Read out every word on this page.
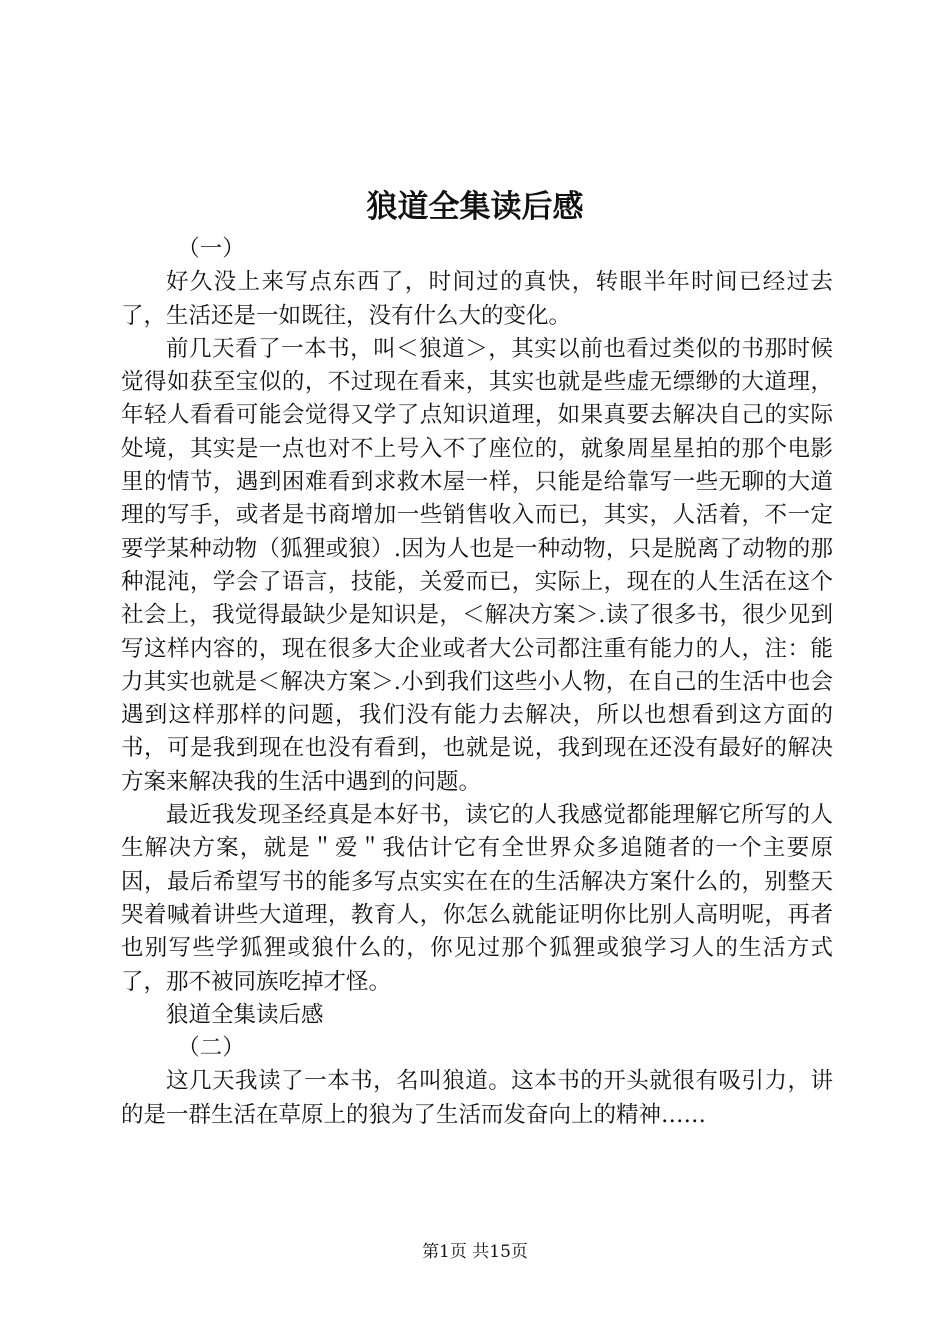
狼道全集读后感

（一）

好久没上来写点东西了，时间过的真快，转眼半年时间已经过去了，生活还是一如既往，没有什么大的变化。

前几天看了一本书，叫＜狼道＞，其实以前也看过类似的书那时候觉得如获至宝似的，不过现在看来，其实也就是些虚无缥缈的大道理，年轻人看看可能会觉得又学了点知识道理，如果真要去解决自己的实际处境，其实是一点也对不上号入不了座位的，就象周星星拍的那个电影里的情节，遇到困难看到求救木屋一样，只能是给靠写一些无聊的大道理的写手，或者是书商增加一些销售收入而已，其实，人活着，不一定要学某种动物（狐狸或狼）.因为人也是一种动物，只是脱离了动物的那种混沌，学会了语言，技能，关爱而已，实际上，现在的人生活在这个社会上，我觉得最缺少是知识是，＜解决方案＞.读了很多书，很少见到写这样内容的，现在很多大企业或者大公司都注重有能力的人，注：能力其实也就是＜解决方案＞.小到我们这些小人物，在自己的生活中也会遇到这样那样的问题，我们没有能力去解决，所以也想看到这方面的书，可是我到现在也没有看到，也就是说，我到现在还没有最好的解决方案来解决我的生活中遇到的问题。

最近我发现圣经真是本好书，读它的人我感觉都能理解它所写的人生解决方案，就是＂爱＂我估计它有全世界众多追随者的一个主要原因，最后希望写书的能多写点实实在在的生活解决方案什么的，别整天哭着喊着讲些大道理，教育人，你怎么就能证明你比别人高明呢，再者也别写些学狐狸或狼什么的，你见过那个狐狸或狼学习人的生活方式了，那不被同族吃掉才怪。

狼道全集读后感

（二）

这几天我读了一本书，名叫狼道。这本书的开头就很有吸引力，讲的是一群生活在草原上的狼为了生活而发奋向上的精神……

第1页 共15页
